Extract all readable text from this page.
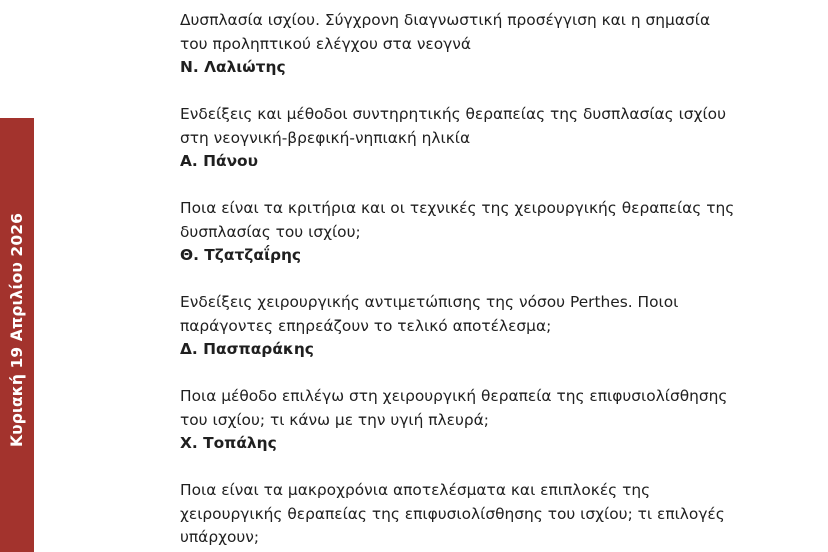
Κυριακή 19 Απριλίου 2026
Δυσπλασία ισχίου. Σύγχρονη διαγνωστική προσέγγιση και η σημασία
του προληπτικού ελέγχου στα νεογνά
Ν. Λαλιώτης
Ενδείξεις και μέθοδοι συντηρητικής θεραπείας της δυσπλασίας ισχίου
στη νεογνική-βρεφική-νηπιακή ηλικία
Α. Πάνου
Ποια είναι τα κριτήρια και οι τεχνικές της χειρουργικής θεραπείας της
δυσπλασίας του ισχίου;
Θ. Τζατζαΐρης
Ενδείξεις χειρουργικής αντιμετώπισης της νόσου Perthes. Ποιοι
παράγοντες επηρεάζουν το τελικό αποτέλεσμα;
Δ. Πασπαράκης
Ποια μέθοδο επιλέγω στη χειρουργική θεραπεία της επιφυσιολίσθησης
του ισχίου; τι κάνω με την υγιή πλευρά;
Χ. Τοπάλης
Ποια είναι τα μακροχρόνια αποτελέσματα και επιπλοκές της
χειρουργικής θεραπείας της επιφυσιολίσθησης του ισχίου; τι επιλογές
υπάρχουν;
